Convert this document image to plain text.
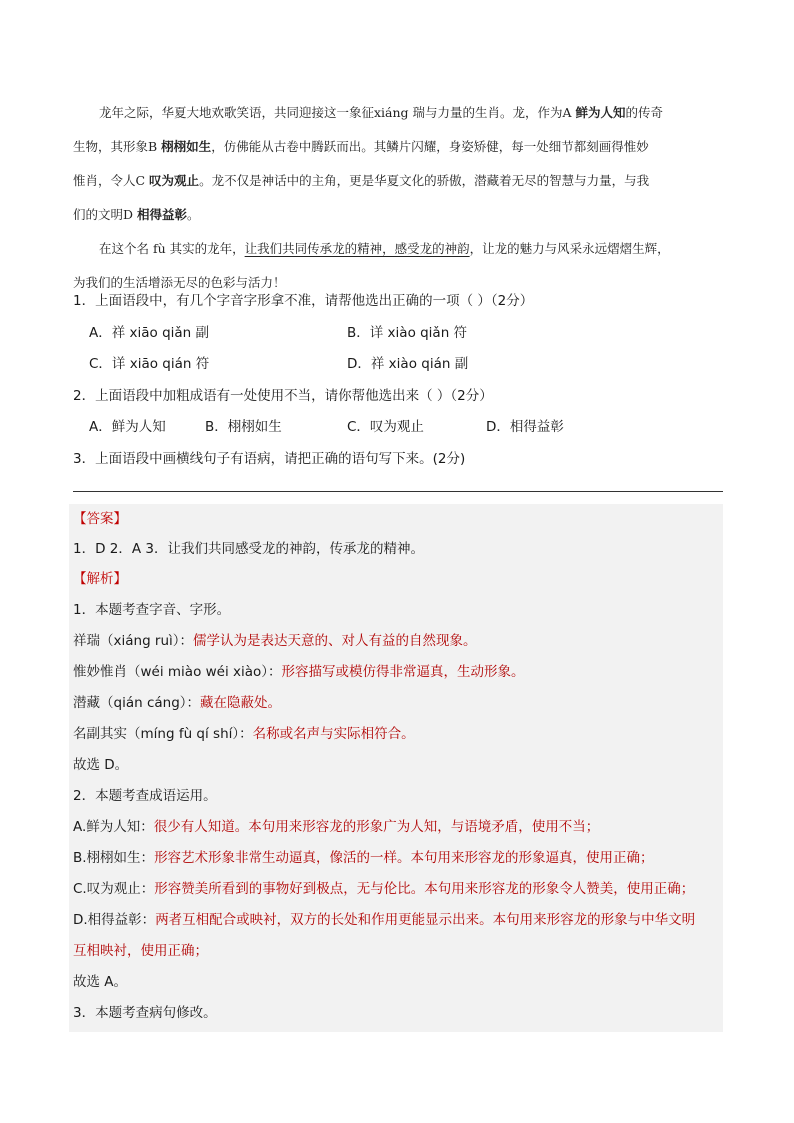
龙年之际，华夏大地欢歌笑语，共同迎接这一象征xiáng 瑞与力量的生肖。龙，作为A 鲜为人知的传奇
生物，其形象B 栩栩如生，仿佛能从古卷中腾跃而出。其鳞片闪耀，身姿矫健，每一处细节都刻画得惟妙
惟肖，令人C 叹为观止。龙不仅是神话中的主角，更是华夏文化的骄傲，潜藏着无尽的智慧与力量，与我
们的文明D 相得益彰。
在这个名 fù 其实的龙年，让我们共同传承龙的精神，感受龙的神韵，让龙的魅力与风采永远熠熠生辉，
为我们的生活增添无尽的色彩与活力！
1．上面语段中，有几个字音字形拿不准，请帮他选出正确的一项（ ）（2分）
A．祥 xiāo qiǎn 副	B．详 xiào qiǎn 符
C．详 xiāo qián 符	D．祥 xiào qián 副
2．上面语段中加粗成语有一处使用不当，请你帮他选出来（ ）（2分）
A．鲜为人知	B．栩栩如生	C．叹为观止	D．相得益彰
3．上面语段中画横线句子有语病，请把正确的语句写下来。(2分)
【答案】
1．D 2．A 3．让我们共同感受龙的神韵，传承龙的精神。
【解析】
1．本题考查字音、字形。
祥瑞（xiáng ruì）：儒学认为是表达天意的、对人有益的自然现象。
惟妙惟肖（wéi miào wéi xiào）：形容描写或模仿得非常逼真，生动形象。
潜藏（qián cáng）：藏在隐蔽处。
名副其实（míng fù qí shí）：名称或名声与实际相符合。
故选 D。
2．本题考查成语运用。
A.鲜为人知：很少有人知道。本句用来形容龙的形象广为人知，与语境矛盾，使用不当；
B.栩栩如生：形容艺术形象非常生动逼真，像活的一样。本句用来形容龙的形象逼真，使用正确；
C.叹为观止：形容赞美所看到的事物好到极点，无与伦比。本句用来形容龙的形象令人赞美，使用正确；
D.相得益彰：两者互相配合或映衬，双方的长处和作用更能显示出来。本句用来形容龙的形象与中华文明
互相映衬，使用正确；
故选 A。
3．本题考查病句修改。
